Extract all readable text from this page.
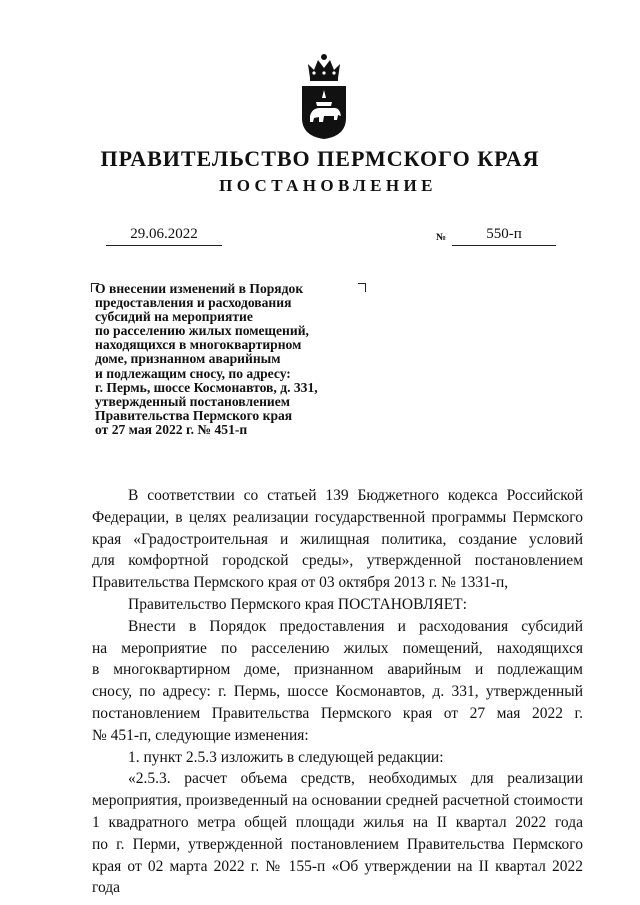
ПРАВИТЕЛЬСТВО ПЕРМСКОГО КРАЯ
ПОСТАНОВЛЕНИЕ
29.06.2022	№	550-п
О внесении изменений в Порядок
предоставления и расходования
субсидий на мероприятие
по расселению жилых помещений,
находящихся в многоквартирном
доме, признанном аварийным
и подлежащим сносу, по адресу:
г. Пермь, шоссе Космонавтов, д. 331,
утвержденный постановлением
Правительства Пермского края
от 27 мая 2022 г. № 451-п
В соответствии со статьей 139 Бюджетного кодекса Российской
Федерации, в целях реализации государственной программы Пермского
края «Градостроительная и жилищная политика, создание условий
для комфортной городской среды», утвержденной постановлением
Правительства Пермского края от 03 октября 2013 г. № 1331-п,
Правительство Пермского края ПОСТАНОВЛЯЕТ:
Внести в Порядок предоставления и расходования субсидий
на мероприятие по расселению жилых помещений, находящихся
в многоквартирном доме, признанном аварийным и подлежащим
сносу, по адресу: г. Пермь, шоссе Космонавтов, д. 331, утвержденный
постановлением Правительства Пермского края от 27 мая 2022 г.
№ 451-п, следующие изменения:
1. пункт 2.5.3 изложить в следующей редакции:
«2.5.3. расчет объема средств, необходимых для реализации
мероприятия, произведенный на основании средней расчетной стоимости
1 квадратного метра общей площади жилья на II квартал 2022 года
по г. Перми, утвержденной постановлением Правительства Пермского
края от 02 марта 2022 г. № 155-п «Об утверждении на II квартал 2022 года
